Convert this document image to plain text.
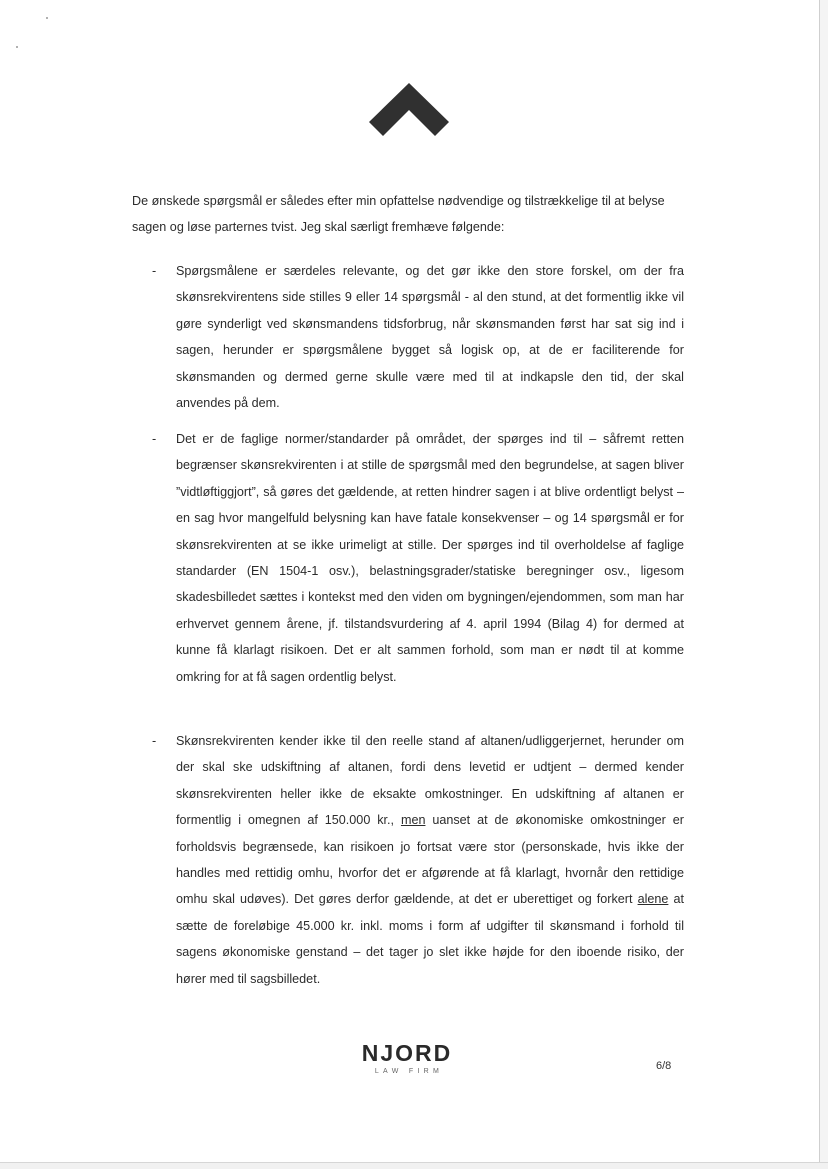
De ønskede spørgsmål er således efter min opfattelse nødvendige og tilstrækkelige til at belyse sagen og løse parternes tvist. Jeg skal særligt fremhæve følgende:

-	Spørgsmålene er særdeles relevante, og det gør ikke den store forskel, om der fra skønsrekvirentens side stilles 9 eller 14 spørgsmål - al den stund, at det formentlig ikke vil gøre synderligt ved skønsmandens tidsforbrug, når skønsmanden først har sat sig ind i sagen, herunder er spørgsmålene bygget så logisk op, at de er faciliterende for skønsmanden og dermed gerne skulle være med til at indkapsle den tid, der skal anvendes på dem.

-	Det er de faglige normer/standarder på området, der spørges ind til – såfremt retten begrænser skønsrekvirenten i at stille de spørgsmål med den begrundelse, at sagen bliver ”vidtløftiggjort”, så gøres det gældende, at retten hindrer sagen i at blive ordentligt belyst – en sag hvor mangelfuld belysning kan have fatale konsekvenser – og 14 spørgsmål er for skønsrekvirenten at se ikke urimeligt at stille. Der spørges ind til overholdelse af faglige standarder (EN 1504-1 osv.), belastningsgrader/statiske beregninger osv., ligesom skadesbilledet sættes i kontekst med den viden om bygningen/ejendommen, som man har erhvervet gennem årene, jf. tilstandsvurdering af 4. april 1994 (Bilag 4) for dermed at kunne få klarlagt risikoen. Det er alt sammen forhold, som man er nødt til at komme omkring for at få sagen ordentlig belyst.

-	Skønsrekvirenten kender ikke til den reelle stand af altanen/udliggerjernet, herunder om der skal ske udskiftning af altanen, fordi dens levetid er udtjent – dermed kender skønsrekvirenten heller ikke de eksakte omkostninger. En udskiftning af altanen er formentlig i omegnen af 150.000 kr., men uanset at de økonomiske omkostninger er forholdsvis begrænsede, kan risikoen jo fortsat være stor (personskade, hvis ikke der handles med rettidig omhu, hvorfor det er afgørende at få klarlagt, hvornår den rettidige omhu skal udøves). Det gøres derfor gældende, at det er uberettiget og forkert alene at sætte de foreløbige 45.000 kr. inkl. moms i form af udgifter til skønsmand i forhold til sagens økonomiske genstand – det tager jo slet ikke højde for den iboende risiko, der hører med til sagsbilledet.

NJORD
LAW FIRM	6/8
